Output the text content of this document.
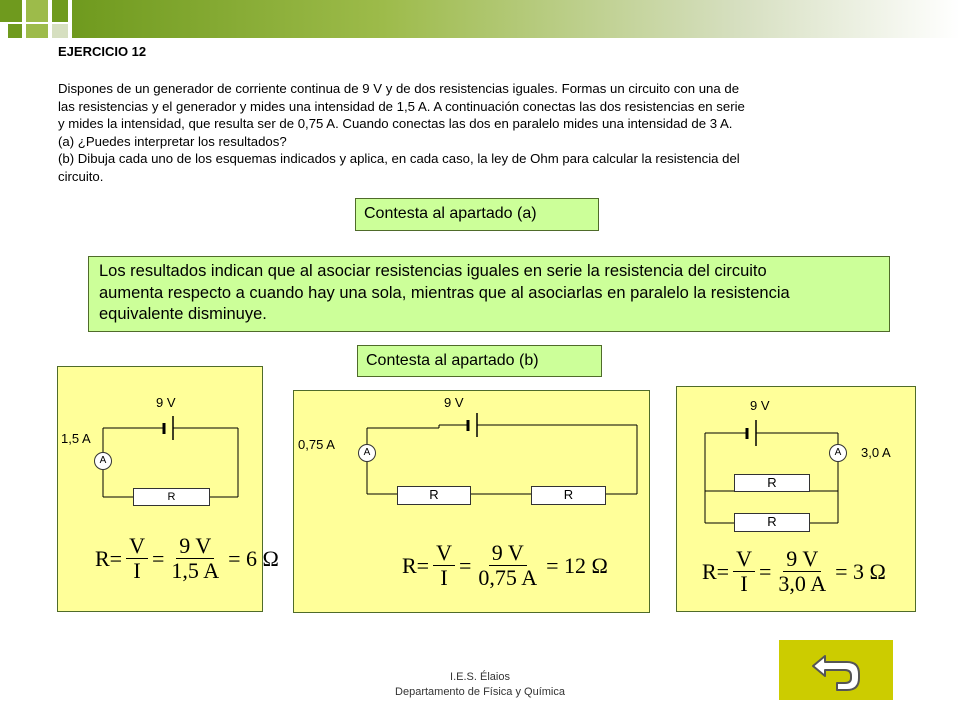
EJERCICIO 12
Dispones de un generador de corriente continua de 9 V y de dos resistencias iguales. Formas un circuito con una de
las resistencias y el generador y mides una intensidad de 1,5 A. A continuación conectas las dos resistencias en serie
y mides la intensidad, que resulta ser de 0,75 A. Cuando conectas las dos en paralelo mides una intensidad de 3 A.
(a) ¿Puedes interpretar los resultados?
(b) Dibuja cada uno de los esquemas indicados y aplica, en cada caso, la ley de Ohm para calcular la resistencia del
circuito.
Contesta al apartado (a)
Los resultados indican que al asociar resistencias iguales en serie la resistencia del circuito
aumenta respecto a cuando hay una sola, mientras que al asociarlas en paralelo la resistencia
equivalente disminuye.
Contesta al apartado (b)
9 V
1,5 A
A
R
$R= \frac{V}{I} = \frac{9 V}{1,5 A} = 6$ Ω
9 V
0,75 A
A
R	R
$R= \frac{V}{I} = \frac{9 V}{0,75 A} = 12$ Ω
9 V
3,0 A
A
R
R
$R= \frac{V}{I} = \frac{9 V}{3,0 A} = 3$ Ω
I.E.S. Élaios
Departamento de Física y Química
